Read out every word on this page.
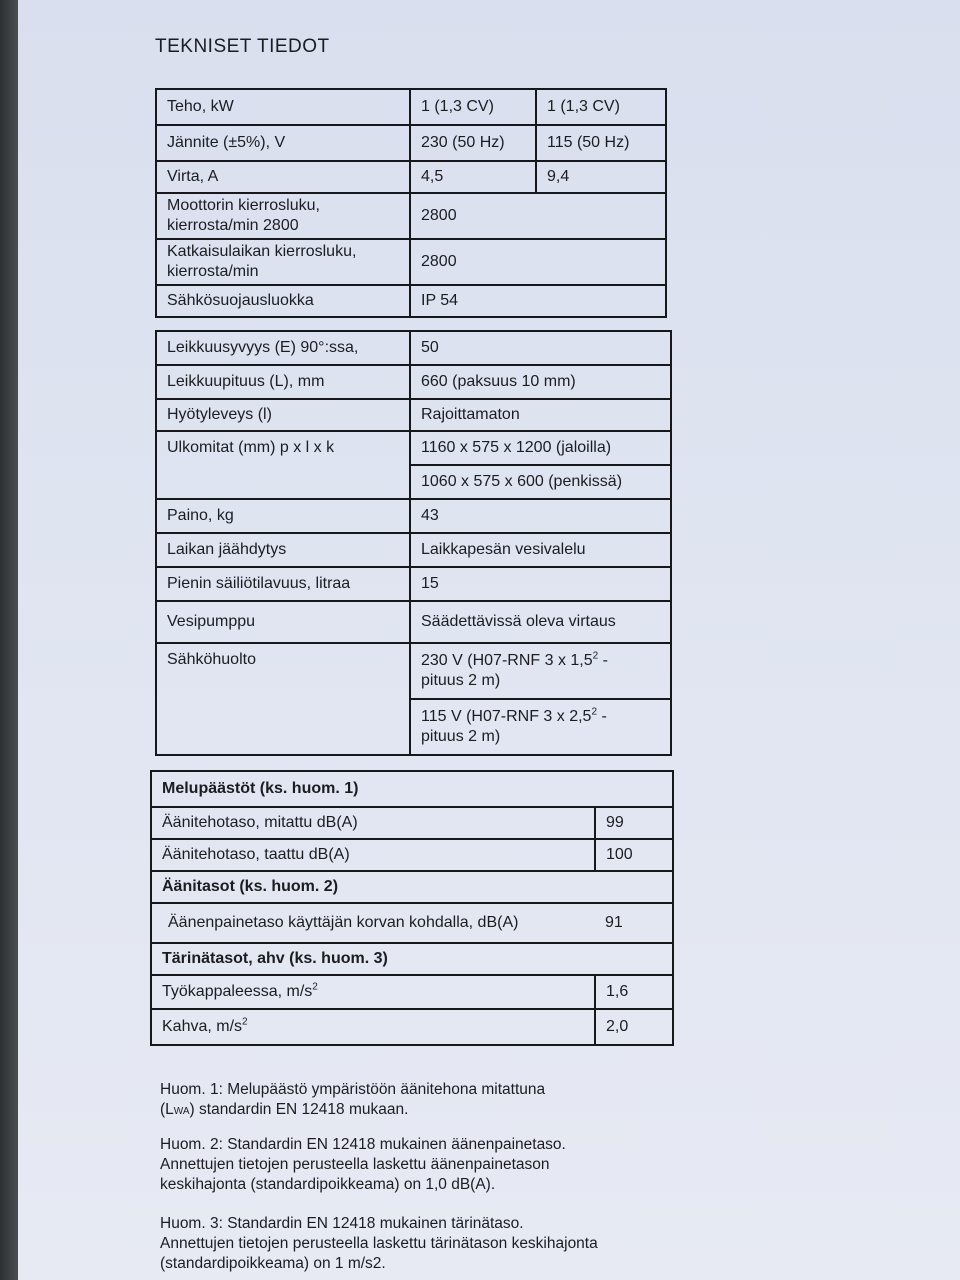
TEKNISET TIEDOT
Teho, kW	1 (1,3 CV)	1 (1,3 CV)
Jännite (±5%), V	230 (50 Hz)	115 (50 Hz)
Virta, A	4,5	9,4
Moottorin kierrosluku,
kierrosta/min 2800	2800	
Katkaisulaikan kierrosluku,
kierrosta/min	2800	
Sähkösuojausluokka	IP 54	
Leikkuusyvyys (E) 90°:ssa,	50
Leikkuupituus (L), mm	660 (paksuus 10 mm)
Hyötyleveys (l)	Rajoittamaton
Ulkomitat (mm) p x l x k	1160 x 575 x 1200 (jaloilla)
	1060 x 575 x 600 (penkissä)
Paino, kg	43
Laikan jäähdytys	Laikkapesän vesivalelu
Pienin säiliötilavuus, litraa	15
Vesipumppu	Säädettävissä oleva virtaus
Sähköhuolto	230 V (H07-RNF 3 x $1,5^2$ -
pituus 2 m)
	115 V (H07-RNF 3 x $2,5^2$ -
pituus 2 m)
Melupäästöt (ks. huom. 1)	
Äänitehotaso, mitattu dB(A)	99
Äänitehotaso, taattu dB(A)	100
Äänitasot (ks. huom. 2)	
Äänenpainetaso käyttäjän korvan kohdalla, dB(A)	91
Tärinätasot, ahv (ks. huom. 3)	
Työkappaleessa, $m/s^2$	1,6
Kahva, $m/s^2$	2,0
Huom. 1: Melupäästö ympäristöön äänitehona mitattuna
(LWA) standardin EN 12418 mukaan.
Huom. 2: Standardin EN 12418 mukainen äänenpainetaso.
Annettujen tietojen perusteella laskettu äänenpainetason
keskihajonta (standardipoikkeama) on 1,0 dB(A).
Huom. 3: Standardin EN 12418 mukainen tärinätaso.
Annettujen tietojen perusteella laskettu tärinätason keskihajonta
(standardipoikkeama) on 1 m/s2.
